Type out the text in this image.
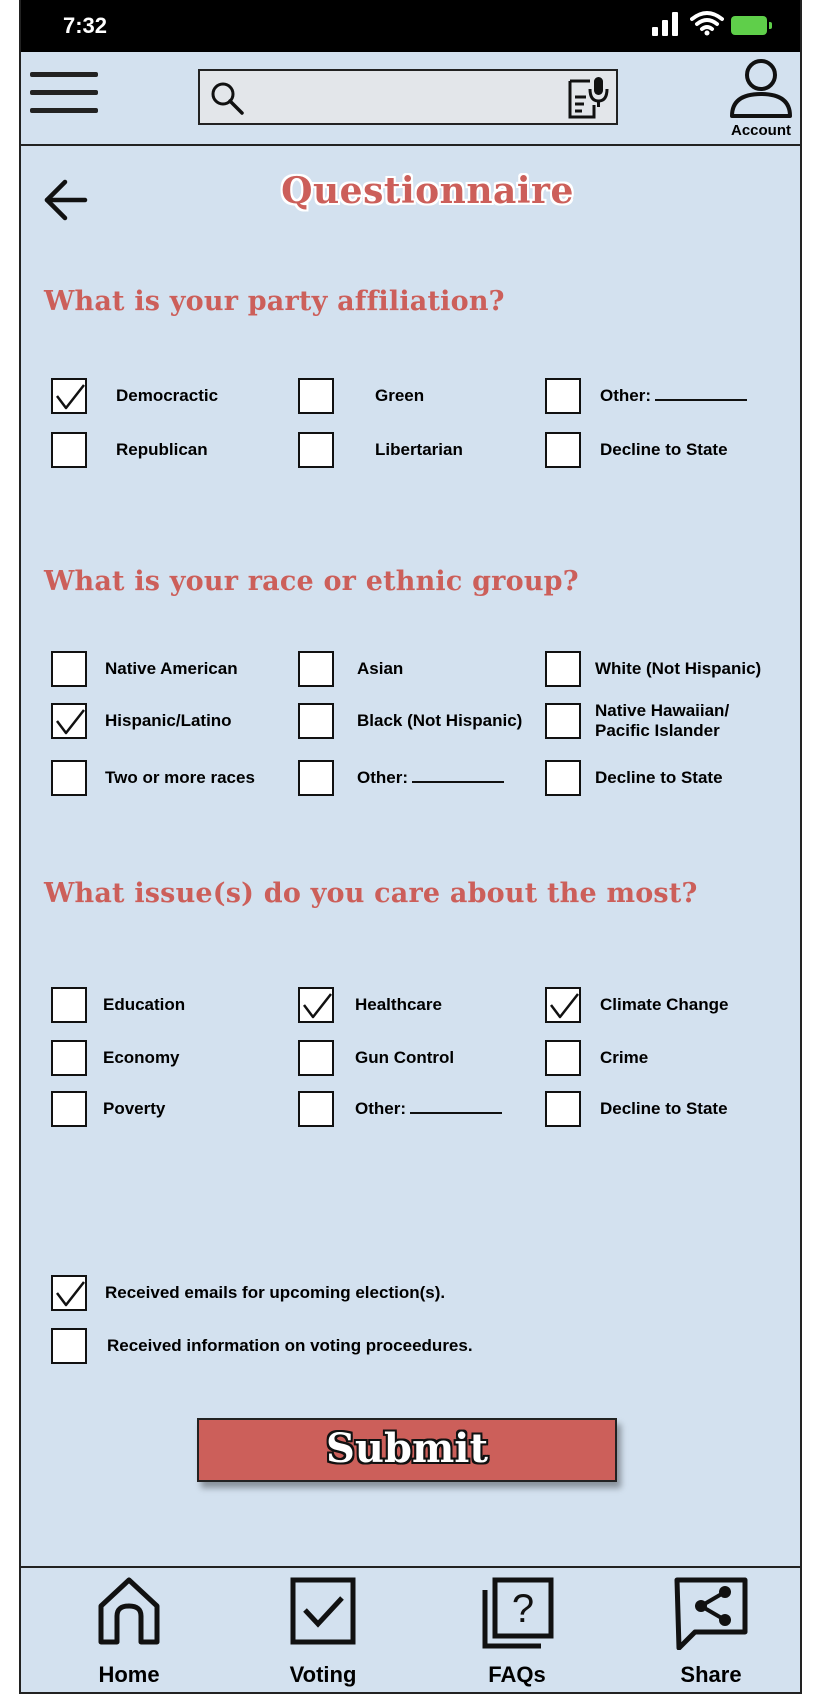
7:32
Account
Questionnaire
What is your party affiliation?
What is your race or ethnic group?
What issue(s) do you care about the most?
Democractic	Green	Other:
Republican	Libertarian	Decline to State
Native American	Asian	White (Not Hispanic)
Hispanic/Latino	Black (Not Hispanic)
Native Hawaiian/
Pacific Islander
Two or more races	Other:	Decline to State
Education	Healthcare	Climate Change
Economy	Gun Control	Crime
Poverty	Other:	Decline to State
Received emails for upcoming election(s).
Received information on voting proceedures.
Submit
Home	Voting
?
FAQs	Share
